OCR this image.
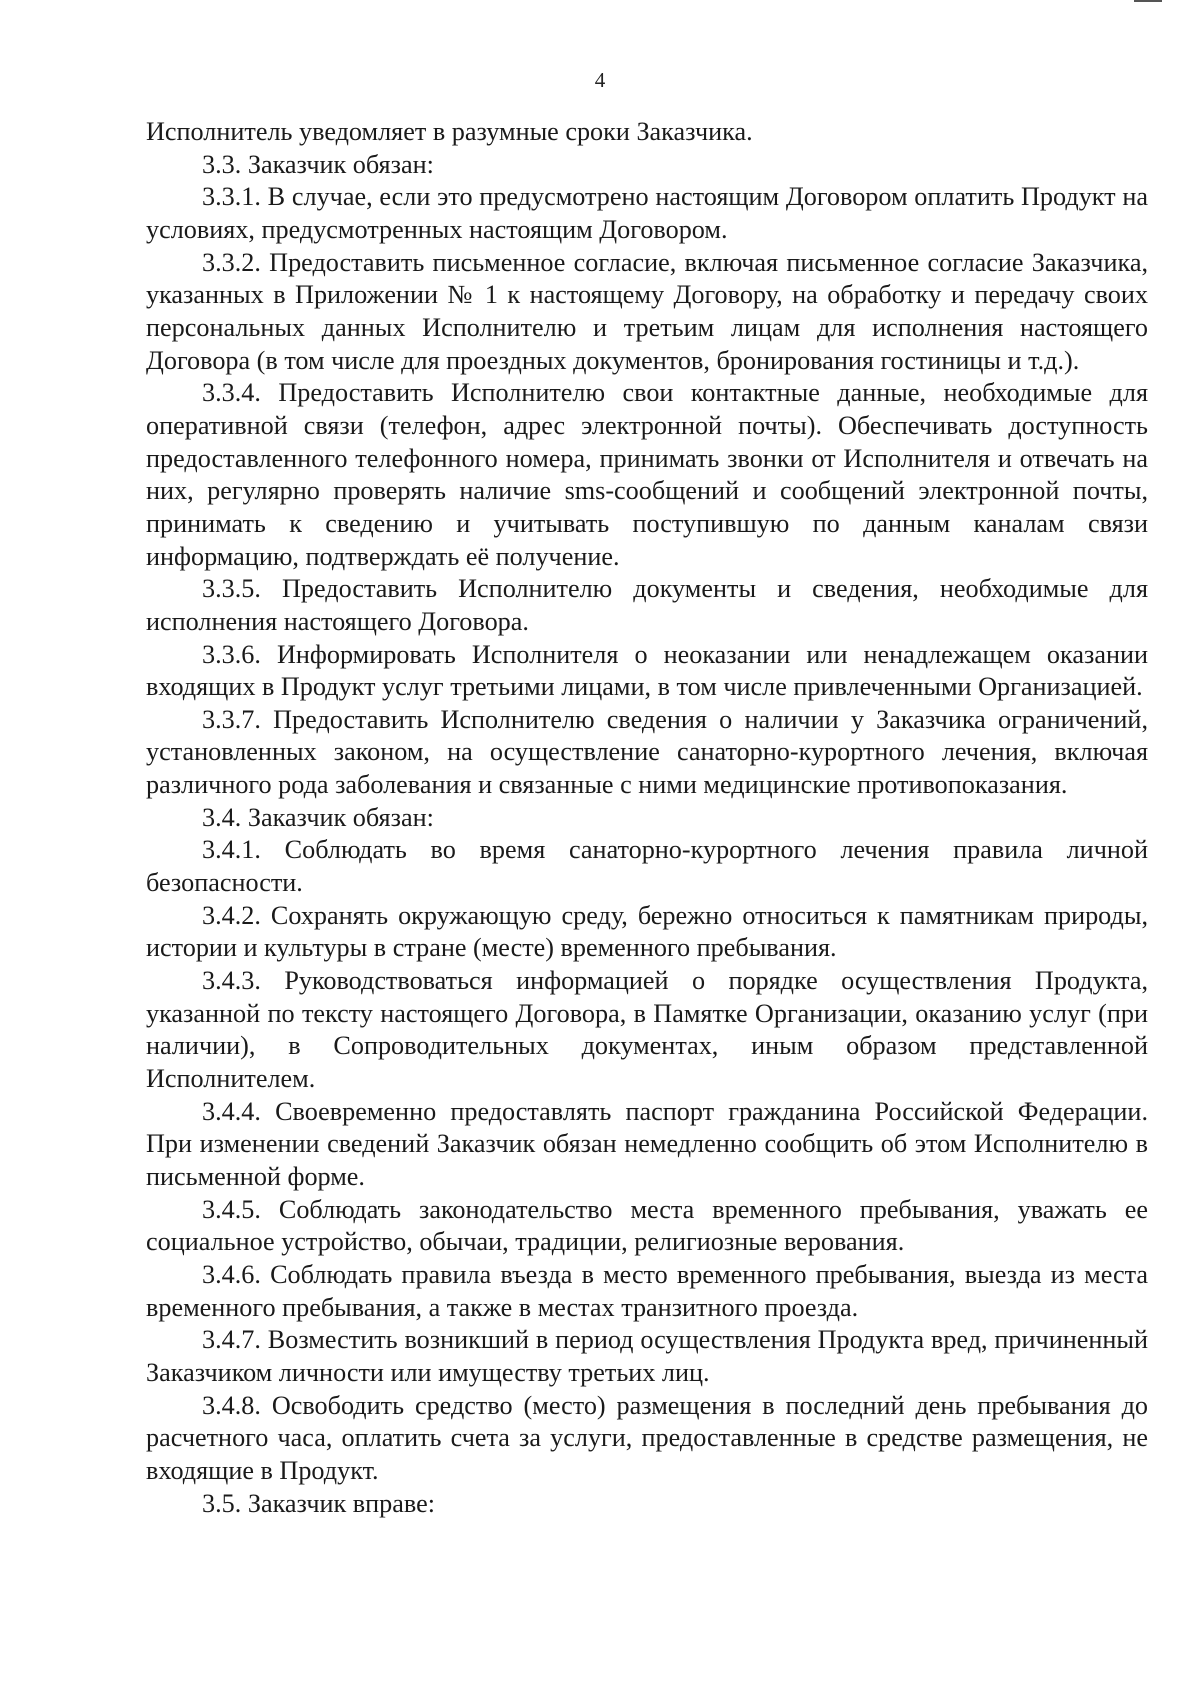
4

Исполнитель уведомляет в разумные сроки Заказчика.

3.3. Заказчик обязан:

3.3.1. В случае, если это предусмотрено настоящим Договором оплатить Продукт на условиях, предусмотренных настоящим Договором.

3.3.2. Предоставить письменное согласие, включая письменное согласие Заказчика, указанных в Приложении № 1 к настоящему Договору, на обработку и передачу своих персональных данных Исполнителю и третьим лицам для исполнения настоящего Договора (в том числе для проездных документов, бронирования гостиницы и т.д.).

3.3.4. Предоставить Исполнителю свои контактные данные, необходимые для оперативной связи (телефон, адрес электронной почты). Обеспечивать доступность предоставленного телефонного номера, принимать звонки от Исполнителя и отвечать на них, регулярно проверять наличие sms-сообщений и сообщений электронной почты, принимать к сведению и учитывать поступившую по данным каналам связи информацию, подтверждать её получение.

3.3.5. Предоставить Исполнителю документы и сведения, необходимые для исполнения настоящего Договора.

3.3.6. Информировать Исполнителя о неоказании или ненадлежащем оказании входящих в Продукт услуг третьими лицами, в том числе привлеченными Организацией.

3.3.7. Предоставить Исполнителю сведения о наличии у Заказчика ограничений, установленных законом, на осуществление санаторно-курортного лечения, включая различного рода заболевания и связанные с ними медицинские противопоказания.

3.4. Заказчик обязан:

3.4.1. Соблюдать во время санаторно-курортного лечения правила личной безопасности.

3.4.2. Сохранять окружающую среду, бережно относиться к памятникам природы, истории и культуры в стране (месте) временного пребывания.

3.4.3. Руководствоваться информацией о порядке осуществления Продукта, указанной по тексту настоящего Договора, в Памятке Организации, оказанию услуг (при наличии), в Сопроводительных документах, иным образом представленной Исполнителем.

3.4.4. Своевременно предоставлять паспорт гражданина Российской Федерации. При изменении сведений Заказчик обязан немедленно сообщить об этом Исполнителю в письменной форме.

3.4.5. Соблюдать законодательство места временного пребывания, уважать ее социальное устройство, обычаи, традиции, религиозные верования.

3.4.6. Соблюдать правила въезда в место временного пребывания, выезда из места временного пребывания, а также в местах транзитного проезда.

3.4.7. Возместить возникший в период осуществления Продукта вред, причиненный Заказчиком личности или имуществу третьих лиц.

3.4.8. Освободить средство (место) размещения в последний день пребывания до расчетного часа, оплатить счета за услуги, предоставленные в средстве размещения, не входящие в Продукт.

3.5. Заказчик вправе:
